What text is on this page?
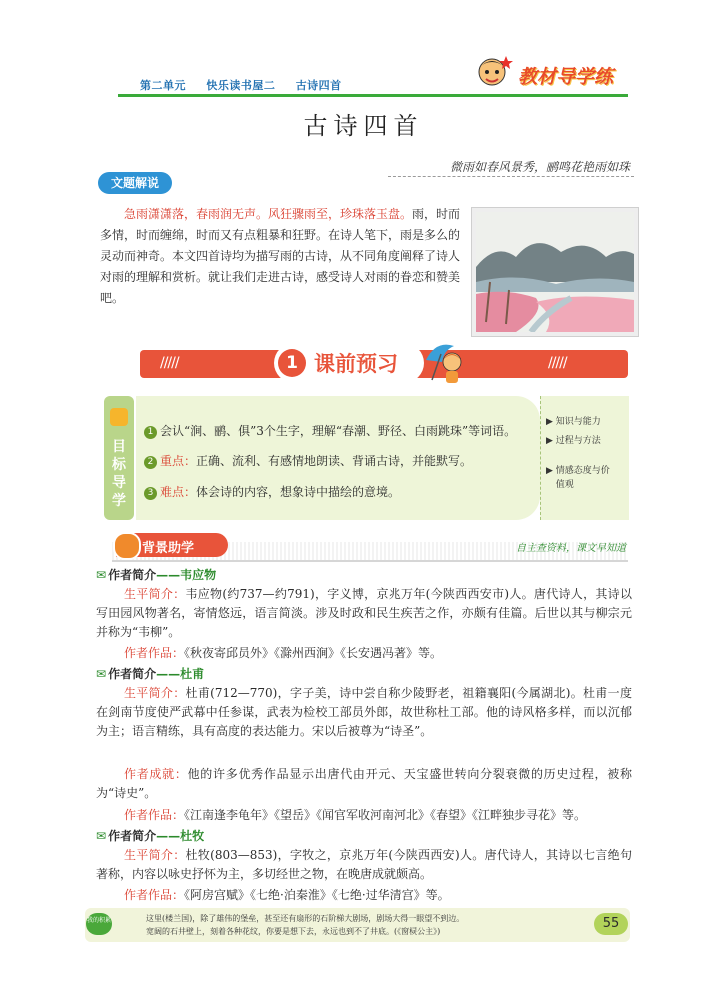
第二单元 快乐读书屋二 古诗四首	教材导学练
古诗四首
微雨如春风景秀，鹂鸣花艳雨如珠
文题解说

急雨潇潇落，春雨润无声。风狂骤雨至，珍珠落玉盘。雨，时而多情，时而缠绵，时而又有点粗暴和狂野。在诗人笔下，雨是多么的灵动而神奇。本文四首诗均为描写雨的古诗，从不同角度阐释了诗人对雨的理解和赏析。就让我们走进古诗，感受诗人对雨的眷恋和赞美吧。

/////	/////
1 课前预习
目标导学
1 会认“涧、鹂、俱”3个生字，理解“春潮、野径、白雨跳珠”等词语。
2 重点：正确、流利、有感情地朗读、背诵古诗，并能默写。
3 难点：体会诗的内容，想象诗中描绘的意境。
▶ 知识与能力
▶ 过程与方法
▶ 情感态度与价值观
背景助学	自主查资料，课文早知道
✉ 作者简介——韦应物

生平简介：韦应物(约737—约791)，字义博，京兆万年(今陕西西安市)人。唐代诗人，其诗以写田园风物著名，寄情悠远，语言简淡。涉及时政和民生疾苦之作，亦颇有佳篇。后世以其与柳宗元并称为“韦柳”。

作者作品：《秋夜寄邱员外》《滁州西涧》《长安遇冯著》等。

✉ 作者简介——杜甫

生平简介：杜甫(712—770)，字子美，诗中尝自称少陵野老，祖籍襄阳(今属湖北)。杜甫一度在剑南节度使严武幕中任参谋，武表为检校工部员外郎，故世称杜工部。他的诗风格多样，而以沉郁为主；语言精练，具有高度的表达能力。宋以后被尊为“诗圣”。

作者成就：他的许多优秀作品显示出唐代由开元、天宝盛世转向分裂衰微的历史过程，被称为“诗史”。

作者作品：《江南逢李龟年》《望岳》《闻官军收河南河北》《春望》《江畔独步寻花》等。

✉ 作者简介——杜牧

生平简介：杜牧(803—853)，字牧之，京兆万年(今陕西西安)人。唐代诗人，其诗以七言绝句著称，内容以咏史抒怀为主，多切经世之物，在晚唐成就颇高。

作者作品：《阿房宫赋》《七绝·泊秦淮》《七绝·过华清宫》等。

我的积累	这里(楼兰国)，除了雄伟的堡垒，甚至还有扇形的石阶梯大剧场，剧场大得一眼望不到边。
宽阔的石井壁上，刻着各种花纹，你要是想下去，永远也到不了井底。(《窗棂公主》)
55
